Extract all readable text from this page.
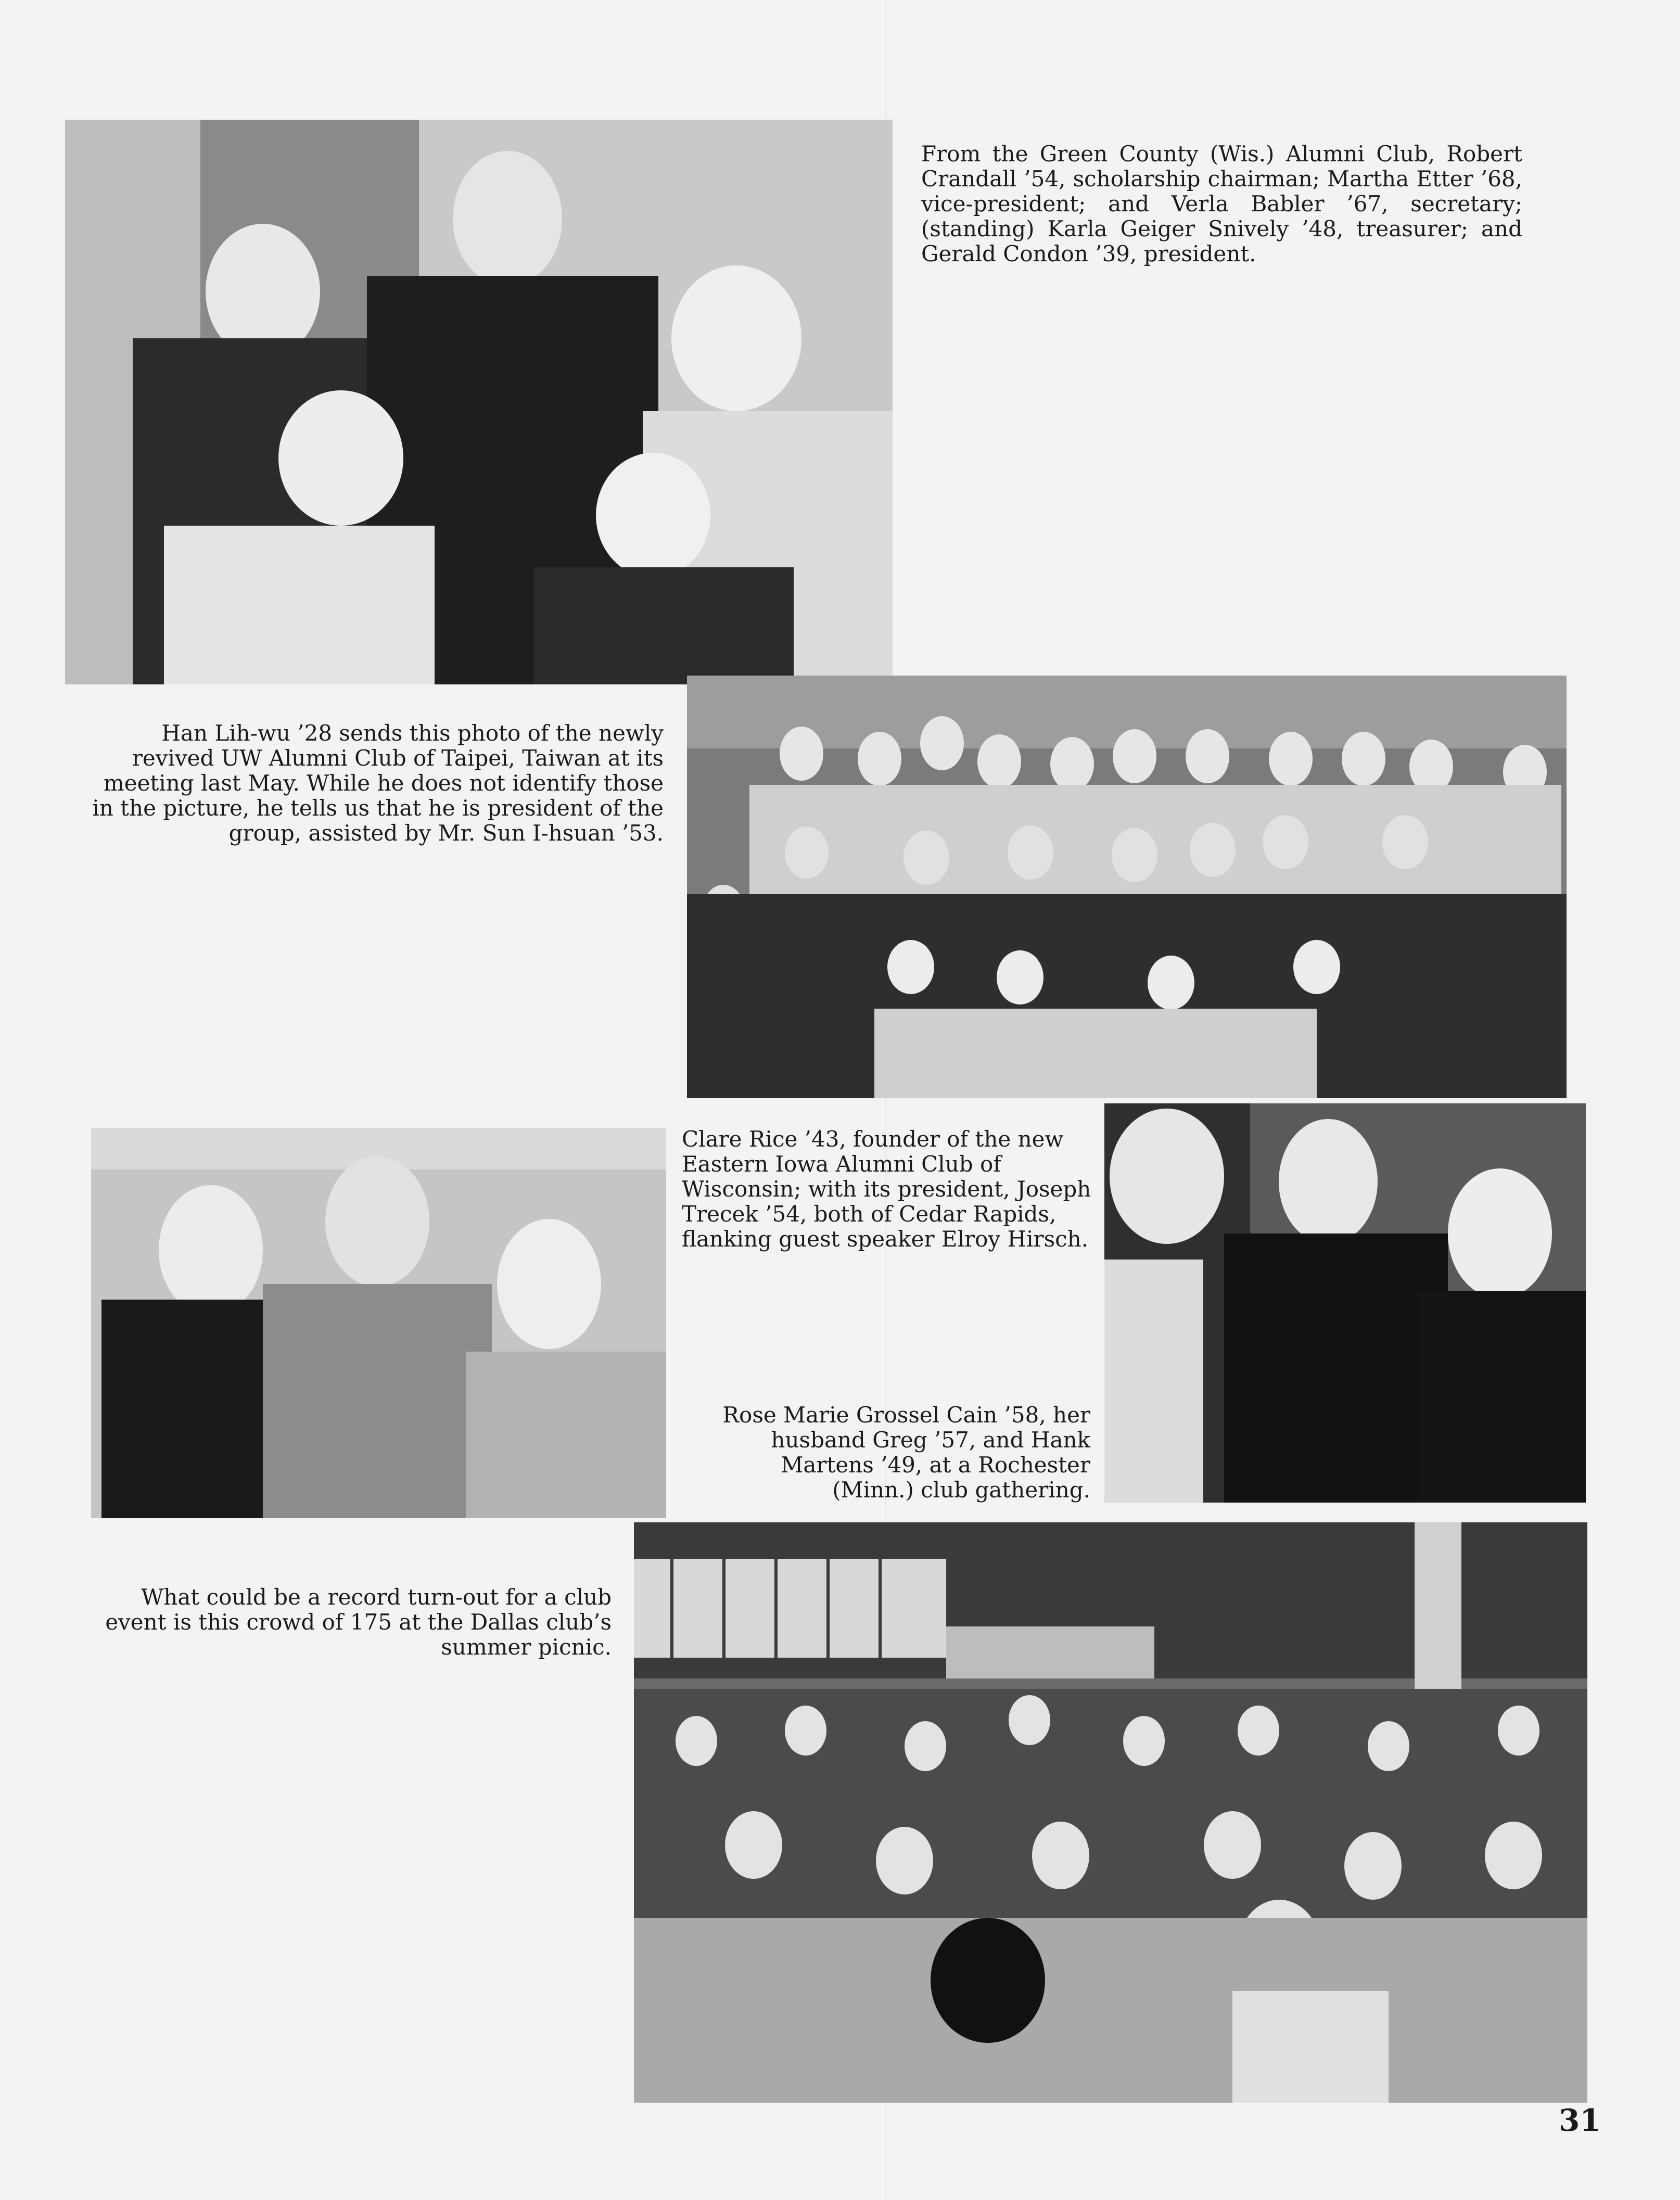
From the Green County (Wis.) Alumni Club, Robert Crandall ’54, scholarship chairman; Martha Etter ’68, vice-president; and Verla Babler ’67, secretary; (standing) Karla Geiger Snively ’48, treasurer; and Gerald Condon ’39, president.
Han Lih-wu ’28 sends this photo of the newly revived UW Alumni Club of Taipei, Taiwan at its meeting last May. While he does not identify those in the picture, he tells us that he is president of the group, assisted by Mr. Sun I-hsuan ’53.
Clare Rice ’43, founder of the new Eastern Iowa Alumni Club of Wisconsin; with its president, Joseph Trecek ’54, both of Cedar Rapids, flanking guest speaker Elroy Hirsch.
Rose Marie Grossel Cain ’58, her husband Greg ’57, and Hank Martens ’49, at a Rochester (Minn.) club gathering.
What could be a record turn-out for a club event is this crowd of 175 at the Dallas club’s summer picnic.
31
